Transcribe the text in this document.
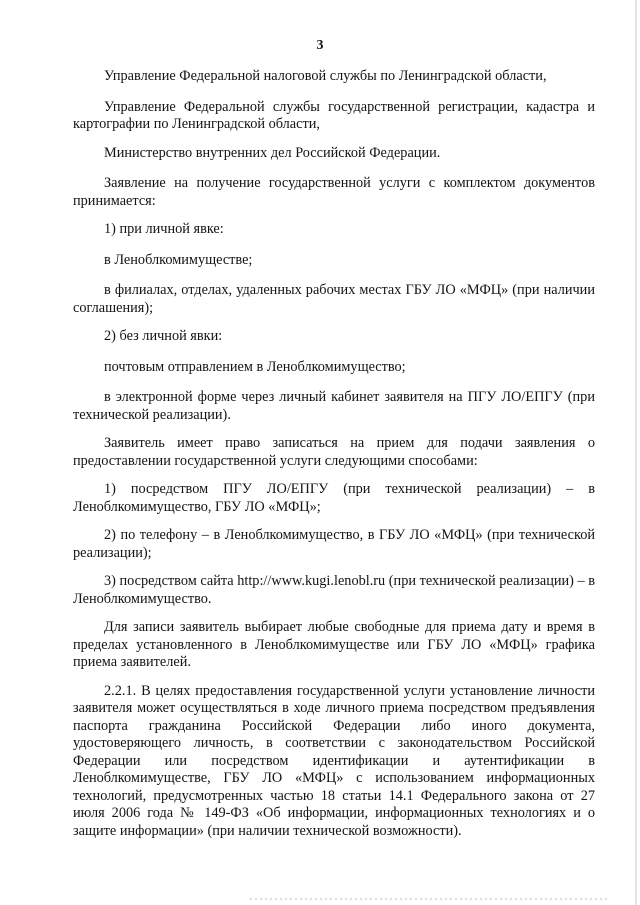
3

Управление Федеральной налоговой службы по Ленинградской области,

Управление Федеральной службы государственной регистрации, кадастра и картографии по Ленинградской области,

Министерство внутренних дел Российской Федерации.

Заявление на получение государственной услуги с комплектом документов принимается:

1) при личной явке:

в Леноблкомимуществе;

в филиалах, отделах, удаленных рабочих местах ГБУ ЛО «МФЦ» (при наличии соглашения);

2) без личной явки:

почтовым отправлением в Леноблкомимущество;

в электронной форме через личный кабинет заявителя на ПГУ ЛО/ЕПГУ (при технической реализации).

Заявитель имеет право записаться на прием для подачи заявления о предоставлении государственной услуги следующими способами:

1) посредством ПГУ ЛО/ЕПГУ (при технической реализации) – в Леноблкомимущество, ГБУ ЛО «МФЦ»;

2) по телефону – в Леноблкомимущество, в ГБУ ЛО «МФЦ» (при технической реализации);

3) посредством сайта http://www.kugi.lenobl.ru (при технической реализации) – в Леноблкомимущество.

Для записи заявитель выбирает любые свободные для приема дату и время в пределах установленного в Леноблкомимуществе или ГБУ ЛО «МФЦ» графика приема заявителей.

2.2.1. В целях предоставления государственной услуги установление личности заявителя может осуществляться в ходе личного приема посредством предъявления паспорта гражданина Российской Федерации либо иного документа, удостоверяющего личность, в соответствии с законодательством Российской Федерации или посредством идентификации и аутентификации в Леноблкомимуществе, ГБУ ЛО «МФЦ» с использованием информационных технологий, предусмотренных частью 18 статьи 14.1 Федерального закона от 27 июля 2006 года № 149-ФЗ «Об информации, информационных технологиях и о защите информации» (при наличии технической возможности).
